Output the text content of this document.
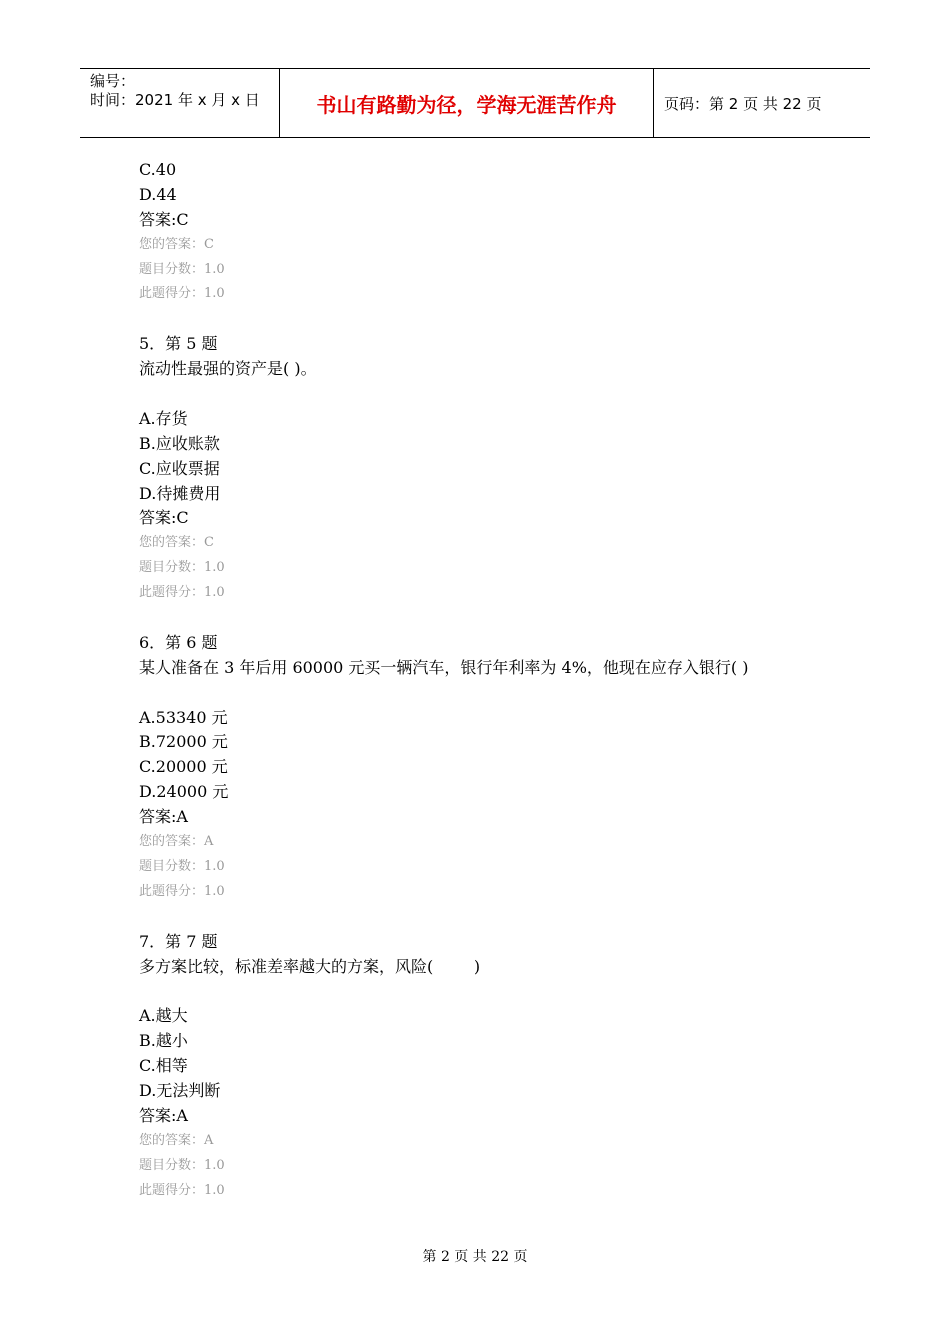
编号：
时间：2021 年 x 月 x 日	书山有路勤为径，学海无涯苦作舟	页码：第 2 页 共 22 页
C.40
D.44
答案:C
您的答案：C
题目分数：1.0
此题得分：1.0
5．第 5 题
流动性最强的资产是( )。
A.存货
B.应收账款
C.应收票据
D.待摊费用
答案:C
您的答案：C
题目分数：1.0
此题得分：1.0
6．第 6 题
某人准备在 3 年后用 60000 元买一辆汽车，银行年利率为 4%，他现在应存入银行( )
A.53340 元
B.72000 元
C.20000 元
D.24000 元
答案:A
您的答案：A
题目分数：1.0
此题得分：1.0
7．第 7 题
多方案比较，标准差率越大的方案，风险(        )
A.越大
B.越小
C.相等
D.无法判断
答案:A
您的答案：A
题目分数：1.0
此题得分：1.0
第 2 页 共 22 页
